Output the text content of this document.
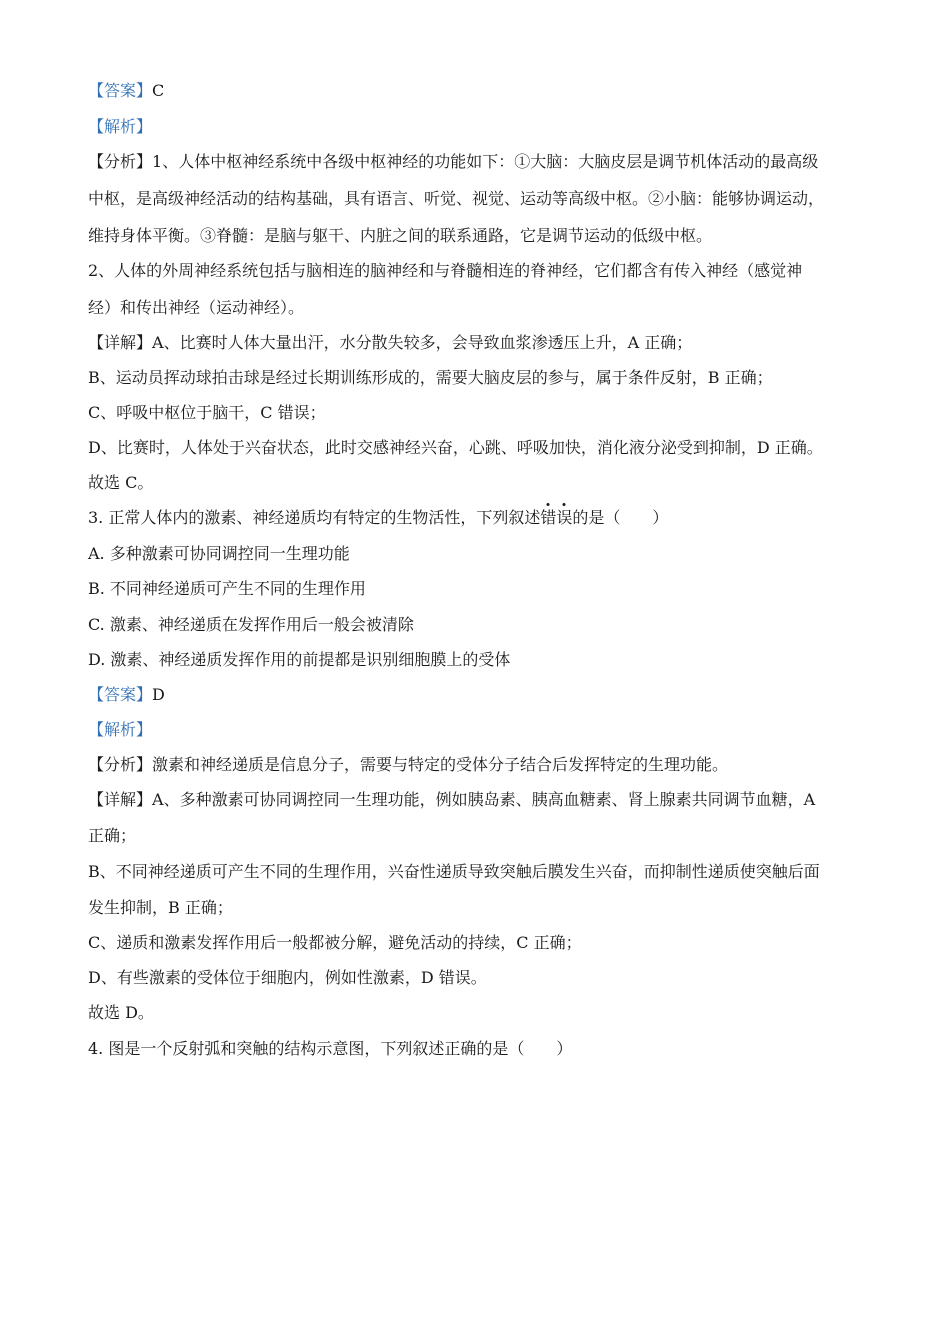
【答案】C
【解析】
【分析】1、人体中枢神经系统中各级中枢神经的功能如下：①大脑：大脑皮层是调节机体活动的最高级
中枢，是高级神经活动的结构基础，具有语言、听觉、视觉、运动等高级中枢。②小脑：能够协调运动，
维持身体平衡。③脊髓：是脑与躯干、内脏之间的联系通路，它是调节运动的低级中枢。
2、人体的外周神经系统包括与脑相连的脑神经和与脊髓相连的脊神经，它们都含有传入神经（感觉神
经）和传出神经（运动神经）。
【详解】A、比赛时人体大量出汗，水分散失较多，会导致血浆渗透压上升，A 正确；
B、运动员挥动球拍击球是经过长期训练形成的，需要大脑皮层的参与，属于条件反射，B 正确；
C、呼吸中枢位于脑干，C 错误；
D、比赛时，人体处于兴奋状态，此时交感神经兴奋，心跳、呼吸加快，消化液分泌受到抑制，D 正确。
故选 C。
3. 正常人体内的激素、神经递质均有特定的生物活性，下列叙述错误的是（　　）
A. 多种激素可协同调控同一生理功能
B. 不同神经递质可产生不同的生理作用
C. 激素、神经递质在发挥作用后一般会被清除
D. 激素、神经递质发挥作用的前提都是识别细胞膜上的受体
【答案】D
【解析】
【分析】激素和神经递质是信息分子，需要与特定的受体分子结合后发挥特定的生理功能。
【详解】A、多种激素可协同调控同一生理功能，例如胰岛素、胰高血糖素、肾上腺素共同调节血糖，A
正确；
B、不同神经递质可产生不同的生理作用，兴奋性递质导致突触后膜发生兴奋，而抑制性递质使突触后面
发生抑制，B 正确；
C、递质和激素发挥作用后一般都被分解，避免活动的持续，C 正确；
D、有些激素的受体位于细胞内，例如性激素，D 错误。
故选 D。
4. 图是一个反射弧和突触的结构示意图，下列叙述正确的是（　　）
